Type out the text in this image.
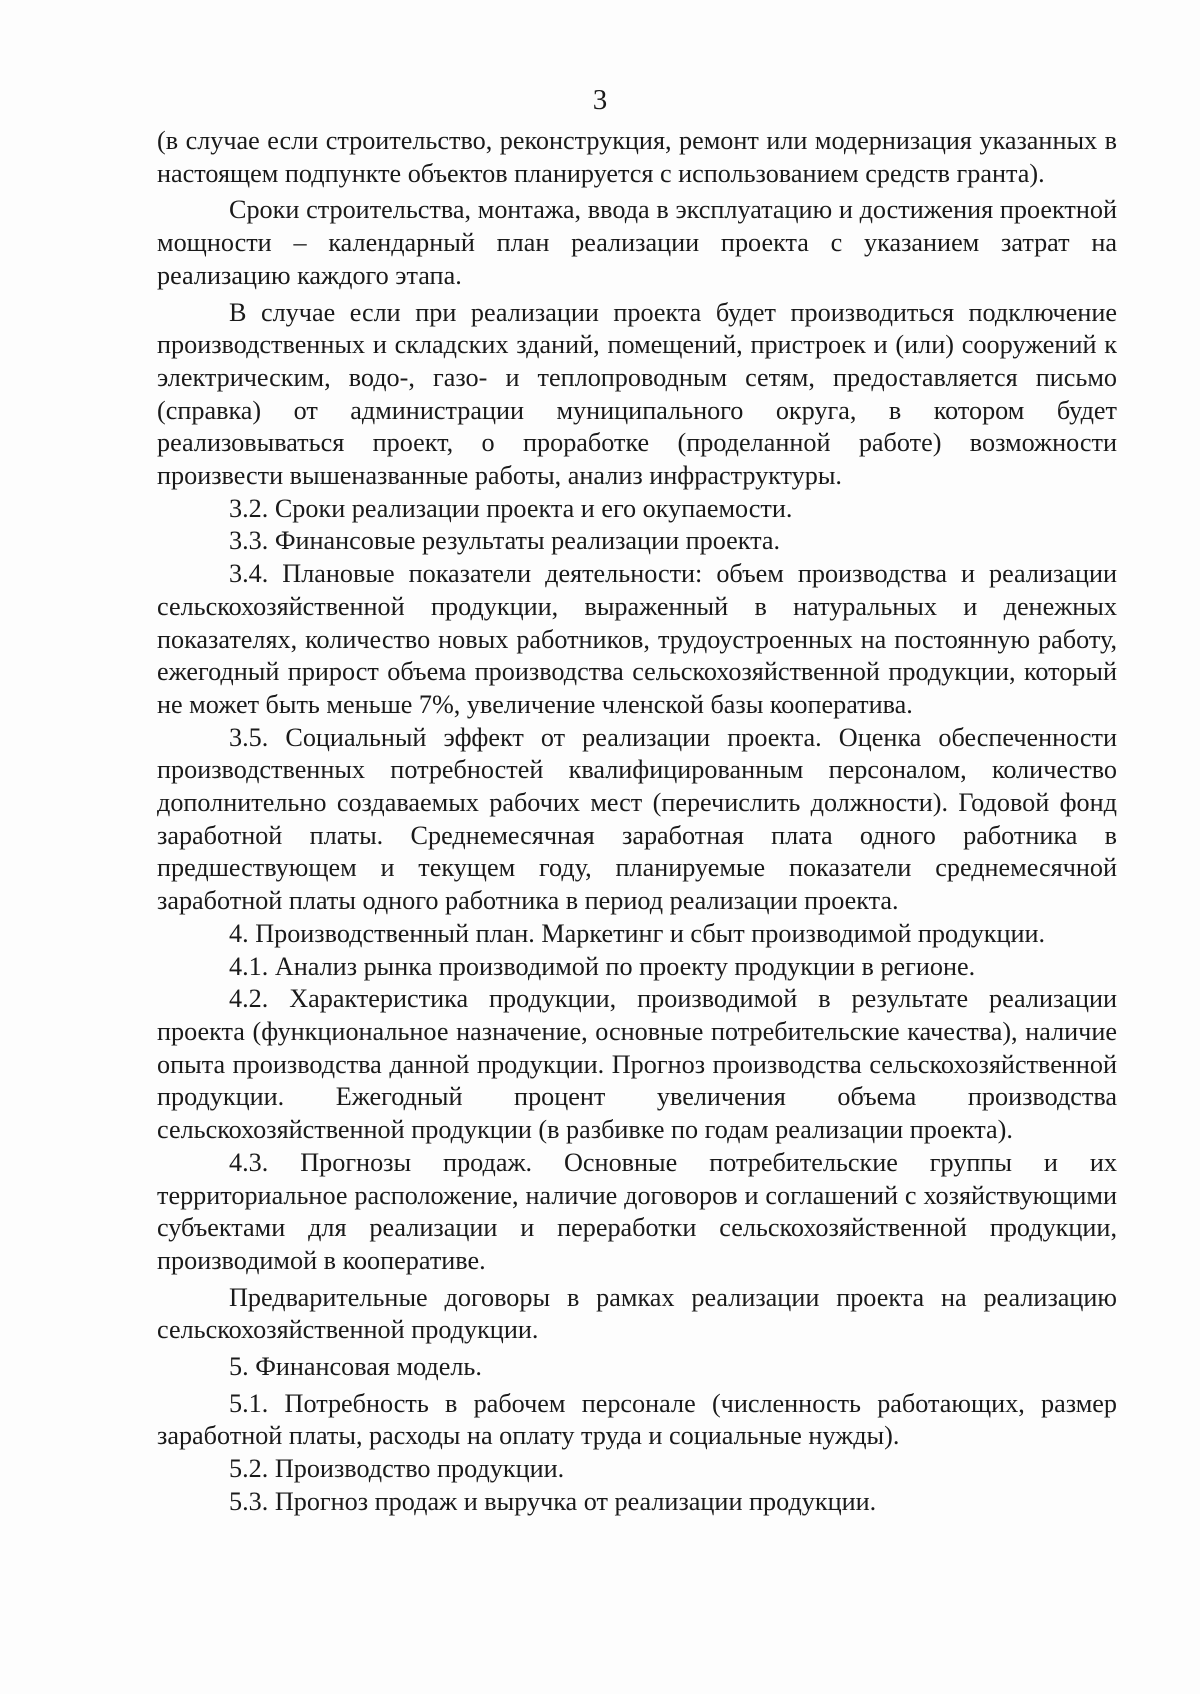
3

(в случае если строительство, реконструкция, ремонт или модернизация указанных в настоящем подпункте объектов планируется с использованием средств гранта).

Сроки строительства, монтажа, ввода в эксплуатацию и достижения проектной мощности – календарный план реализации проекта с указанием затрат на реализацию каждого этапа.

В случае если при реализации проекта будет производиться подключение производственных и складских зданий, помещений, пристроек и (или) сооружений к электрическим, водо-, газо- и теплопроводным сетям, предоставляется письмо (справка) от администрации муниципального округа, в котором будет реализовываться проект, о проработке (проделанной работе) возможности произвести вышеназванные работы, анализ инфраструктуры.

3.2. Сроки реализации проекта и его окупаемости.

3.3. Финансовые результаты реализации проекта.

3.4. Плановые показатели деятельности: объем производства и реализации сельскохозяйственной продукции, выраженный в натуральных и денежных показателях, количество новых работников, трудоустроенных на постоянную работу, ежегодный прирост объема производства сельскохозяйственной продукции, который не может быть меньше 7%, увеличение членской базы кооператива.

3.5. Социальный эффект от реализации проекта. Оценка обеспеченности производственных потребностей квалифицированным персоналом, количество дополнительно создаваемых рабочих мест (перечислить должности). Годовой фонд заработной платы. Среднемесячная заработная плата одного работника в предшествующем и текущем году, планируемые показатели среднемесячной заработной платы одного работника в период реализации проекта.

4. Производственный план. Маркетинг и сбыт производимой продукции.

4.1. Анализ рынка производимой по проекту продукции в регионе.

4.2. Характеристика продукции, производимой в результате реализации проекта (функциональное назначение, основные потребительские качества), наличие опыта производства данной продукции. Прогноз производства сельскохозяйственной продукции. Ежегодный процент увеличения объема производства сельскохозяйственной продукции (в разбивке по годам реализации проекта).

4.3. Прогнозы продаж. Основные потребительские группы и их территориальное расположение, наличие договоров и соглашений с хозяйствующими субъектами для реализации и переработки сельскохозяйственной продукции, производимой в кооперативе.

Предварительные договоры в рамках реализации проекта на реализацию сельскохозяйственной продукции.

5. Финансовая модель.

5.1. Потребность в рабочем персонале (численность работающих, размер заработной платы, расходы на оплату труда и социальные нужды).

5.2. Производство продукции.

5.3. Прогноз продаж и выручка от реализации продукции.
